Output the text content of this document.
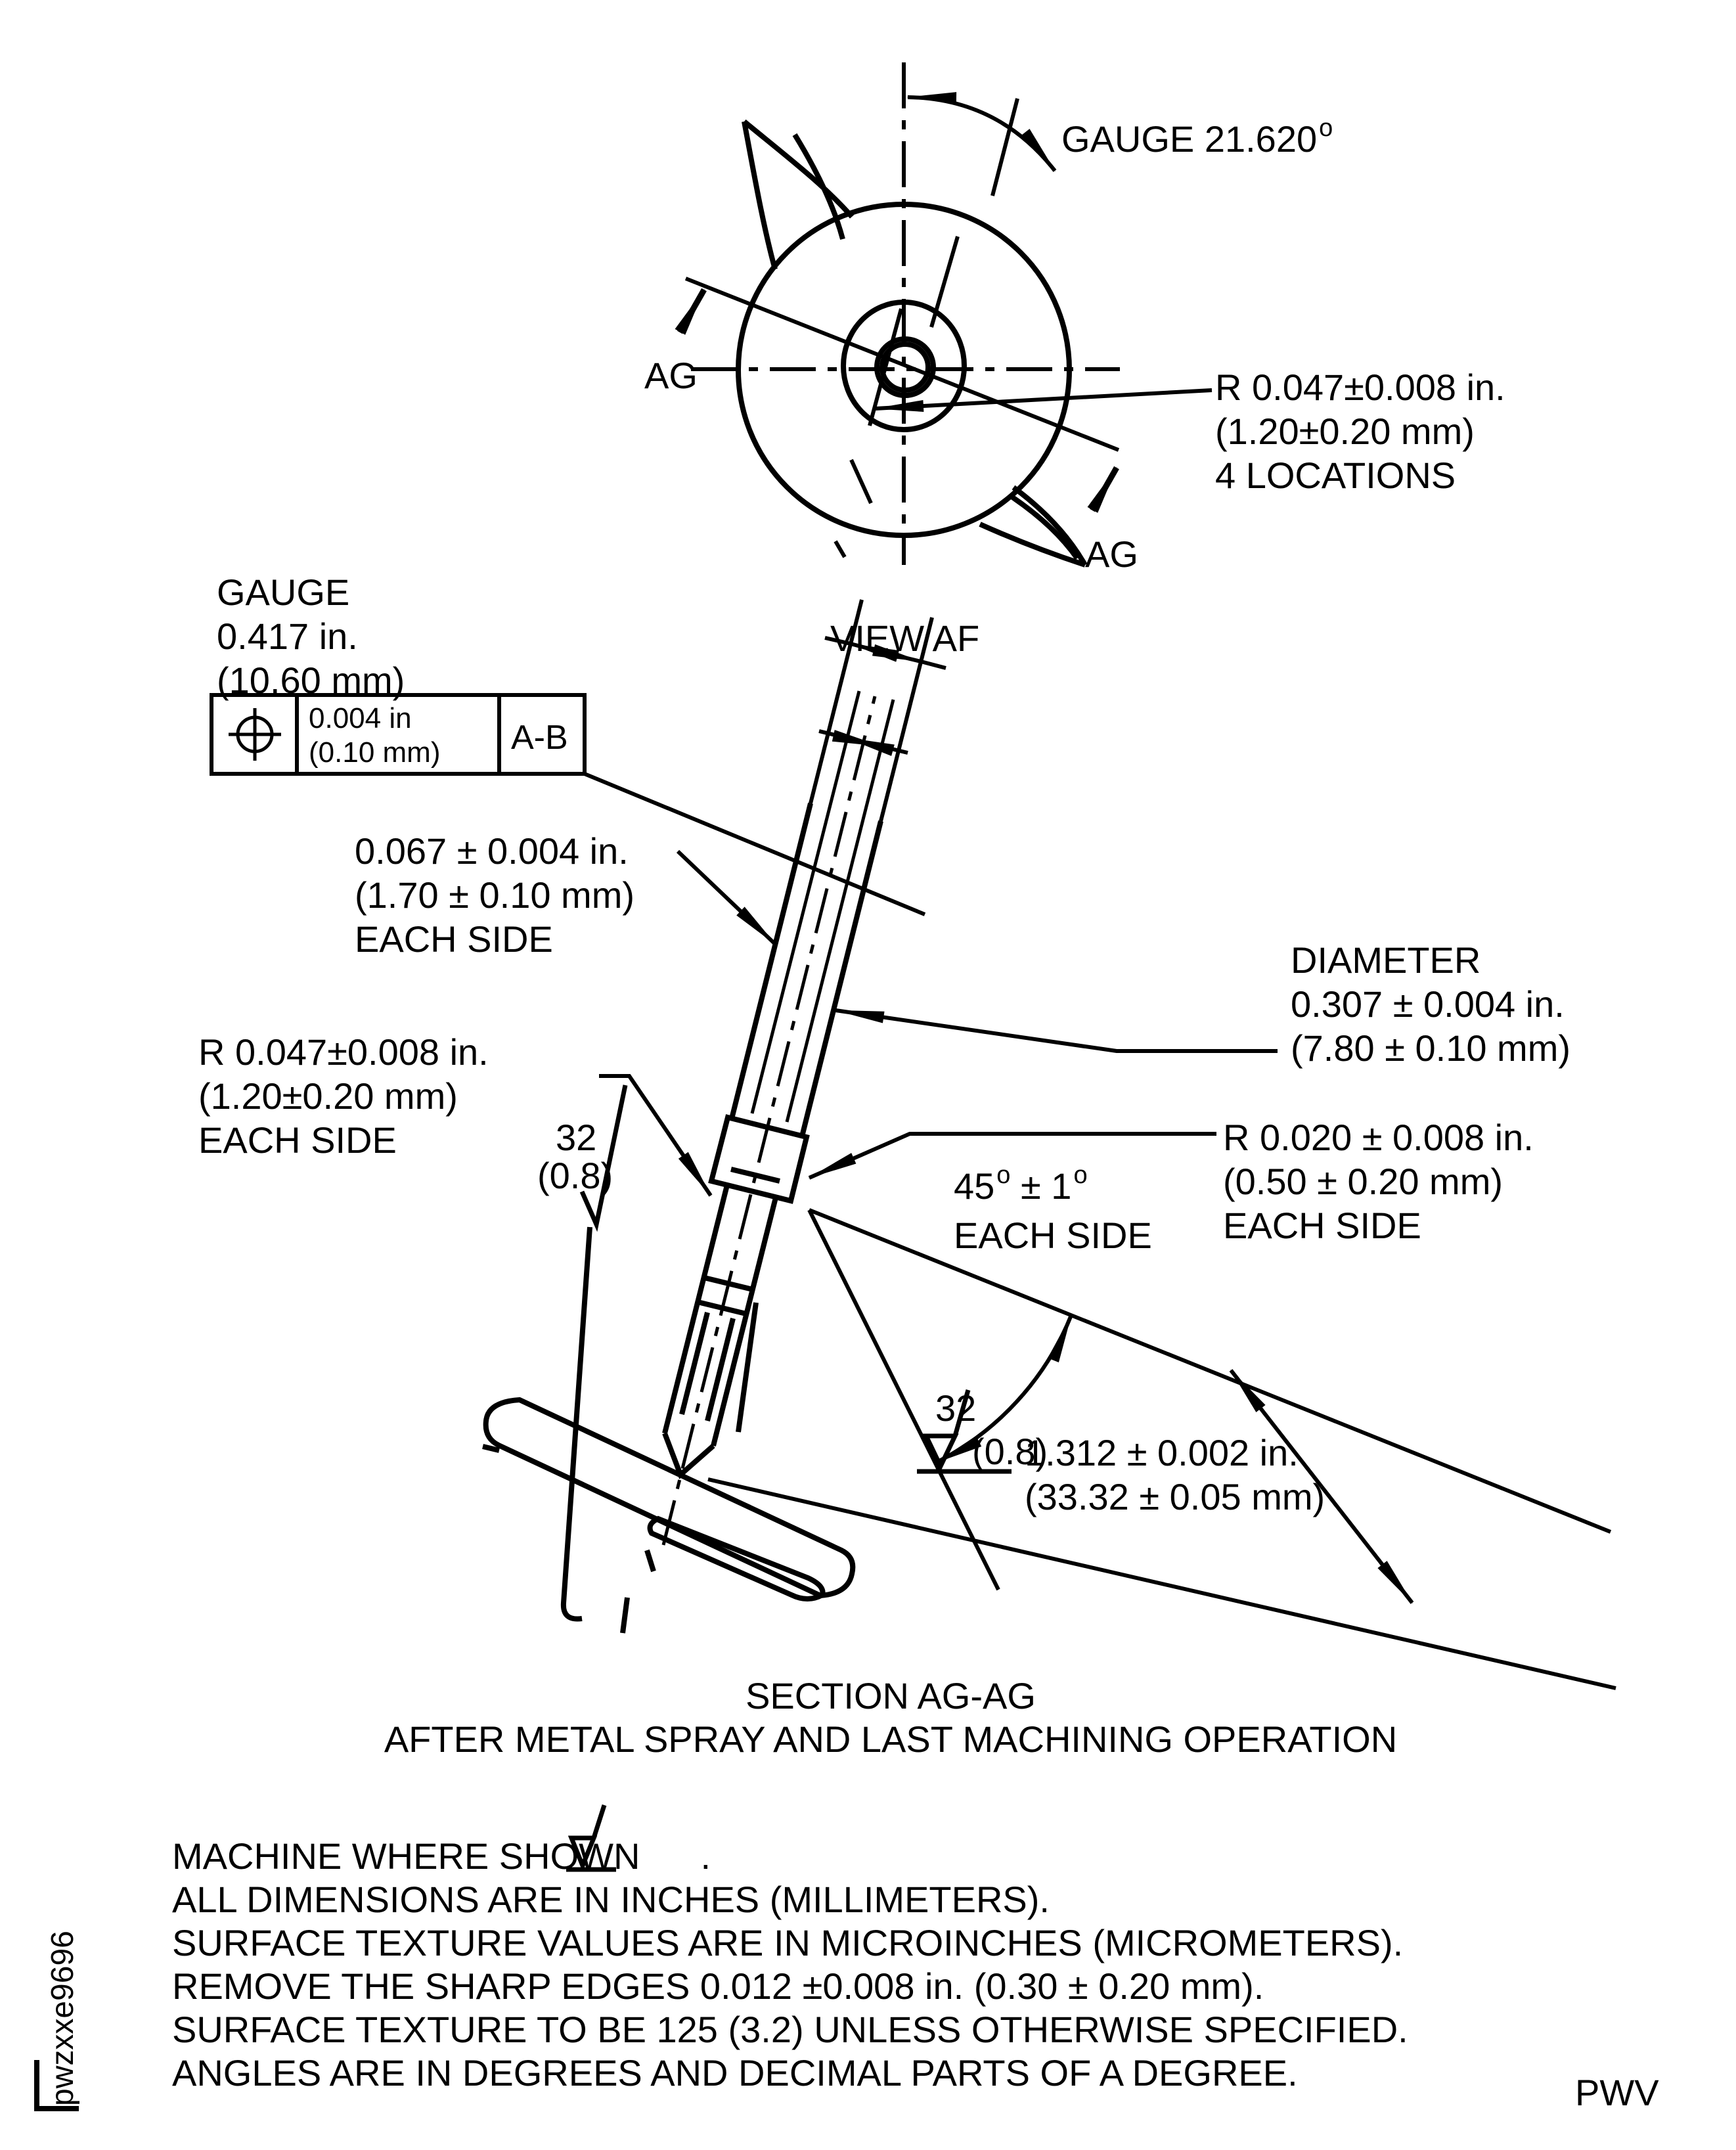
GAUGE 21.620$^o$
R 0.047±0.008 in.
(1.20±0.20 mm)
4 LOCATIONS
AG
AG
VIEW AF
GAUGE
0.417 in.
(10.60 mm)
0.004 in
(0.10 mm) A-B
0.067 ± 0.004 in.
(1.70 ± 0.10 mm)
EACH SIDE
DIAMETER
0.307 ± 0.004 in.
(7.80 ± 0.10 mm)
R 0.047±0.008 in.
(1.20±0.20 mm)
EACH SIDE	32
(0.8)	$45^o \pm 1^o$
EACH SIDE
R 0.020 ± 0.008 in.
(0.50 ± 0.20 mm)
EACH SIDE
32
(0.8)
1.312 ± 0.002 in.
(33.32 ± 0.05 mm)
SECTION AG-AG
AFTER METAL SPRAY AND LAST MACHINING OPERATION
MACHINE WHERE SHOWN .
ALL DIMENSIONS ARE IN INCHES (MILLIMETERS).
SURFACE TEXTURE VALUES ARE IN MICROINCHES (MICROMETERS).
REMOVE THE SHARP EDGES 0.012 ±0.008 in. (0.30 ± 0.20 mm).
SURFACE TEXTURE TO BE 125 (3.2) UNLESS OTHERWISE SPECIFIED.
ANGLES ARE IN DEGREES AND DECIMAL PARTS OF A DEGREE.
pwzxxe9696	PWV
